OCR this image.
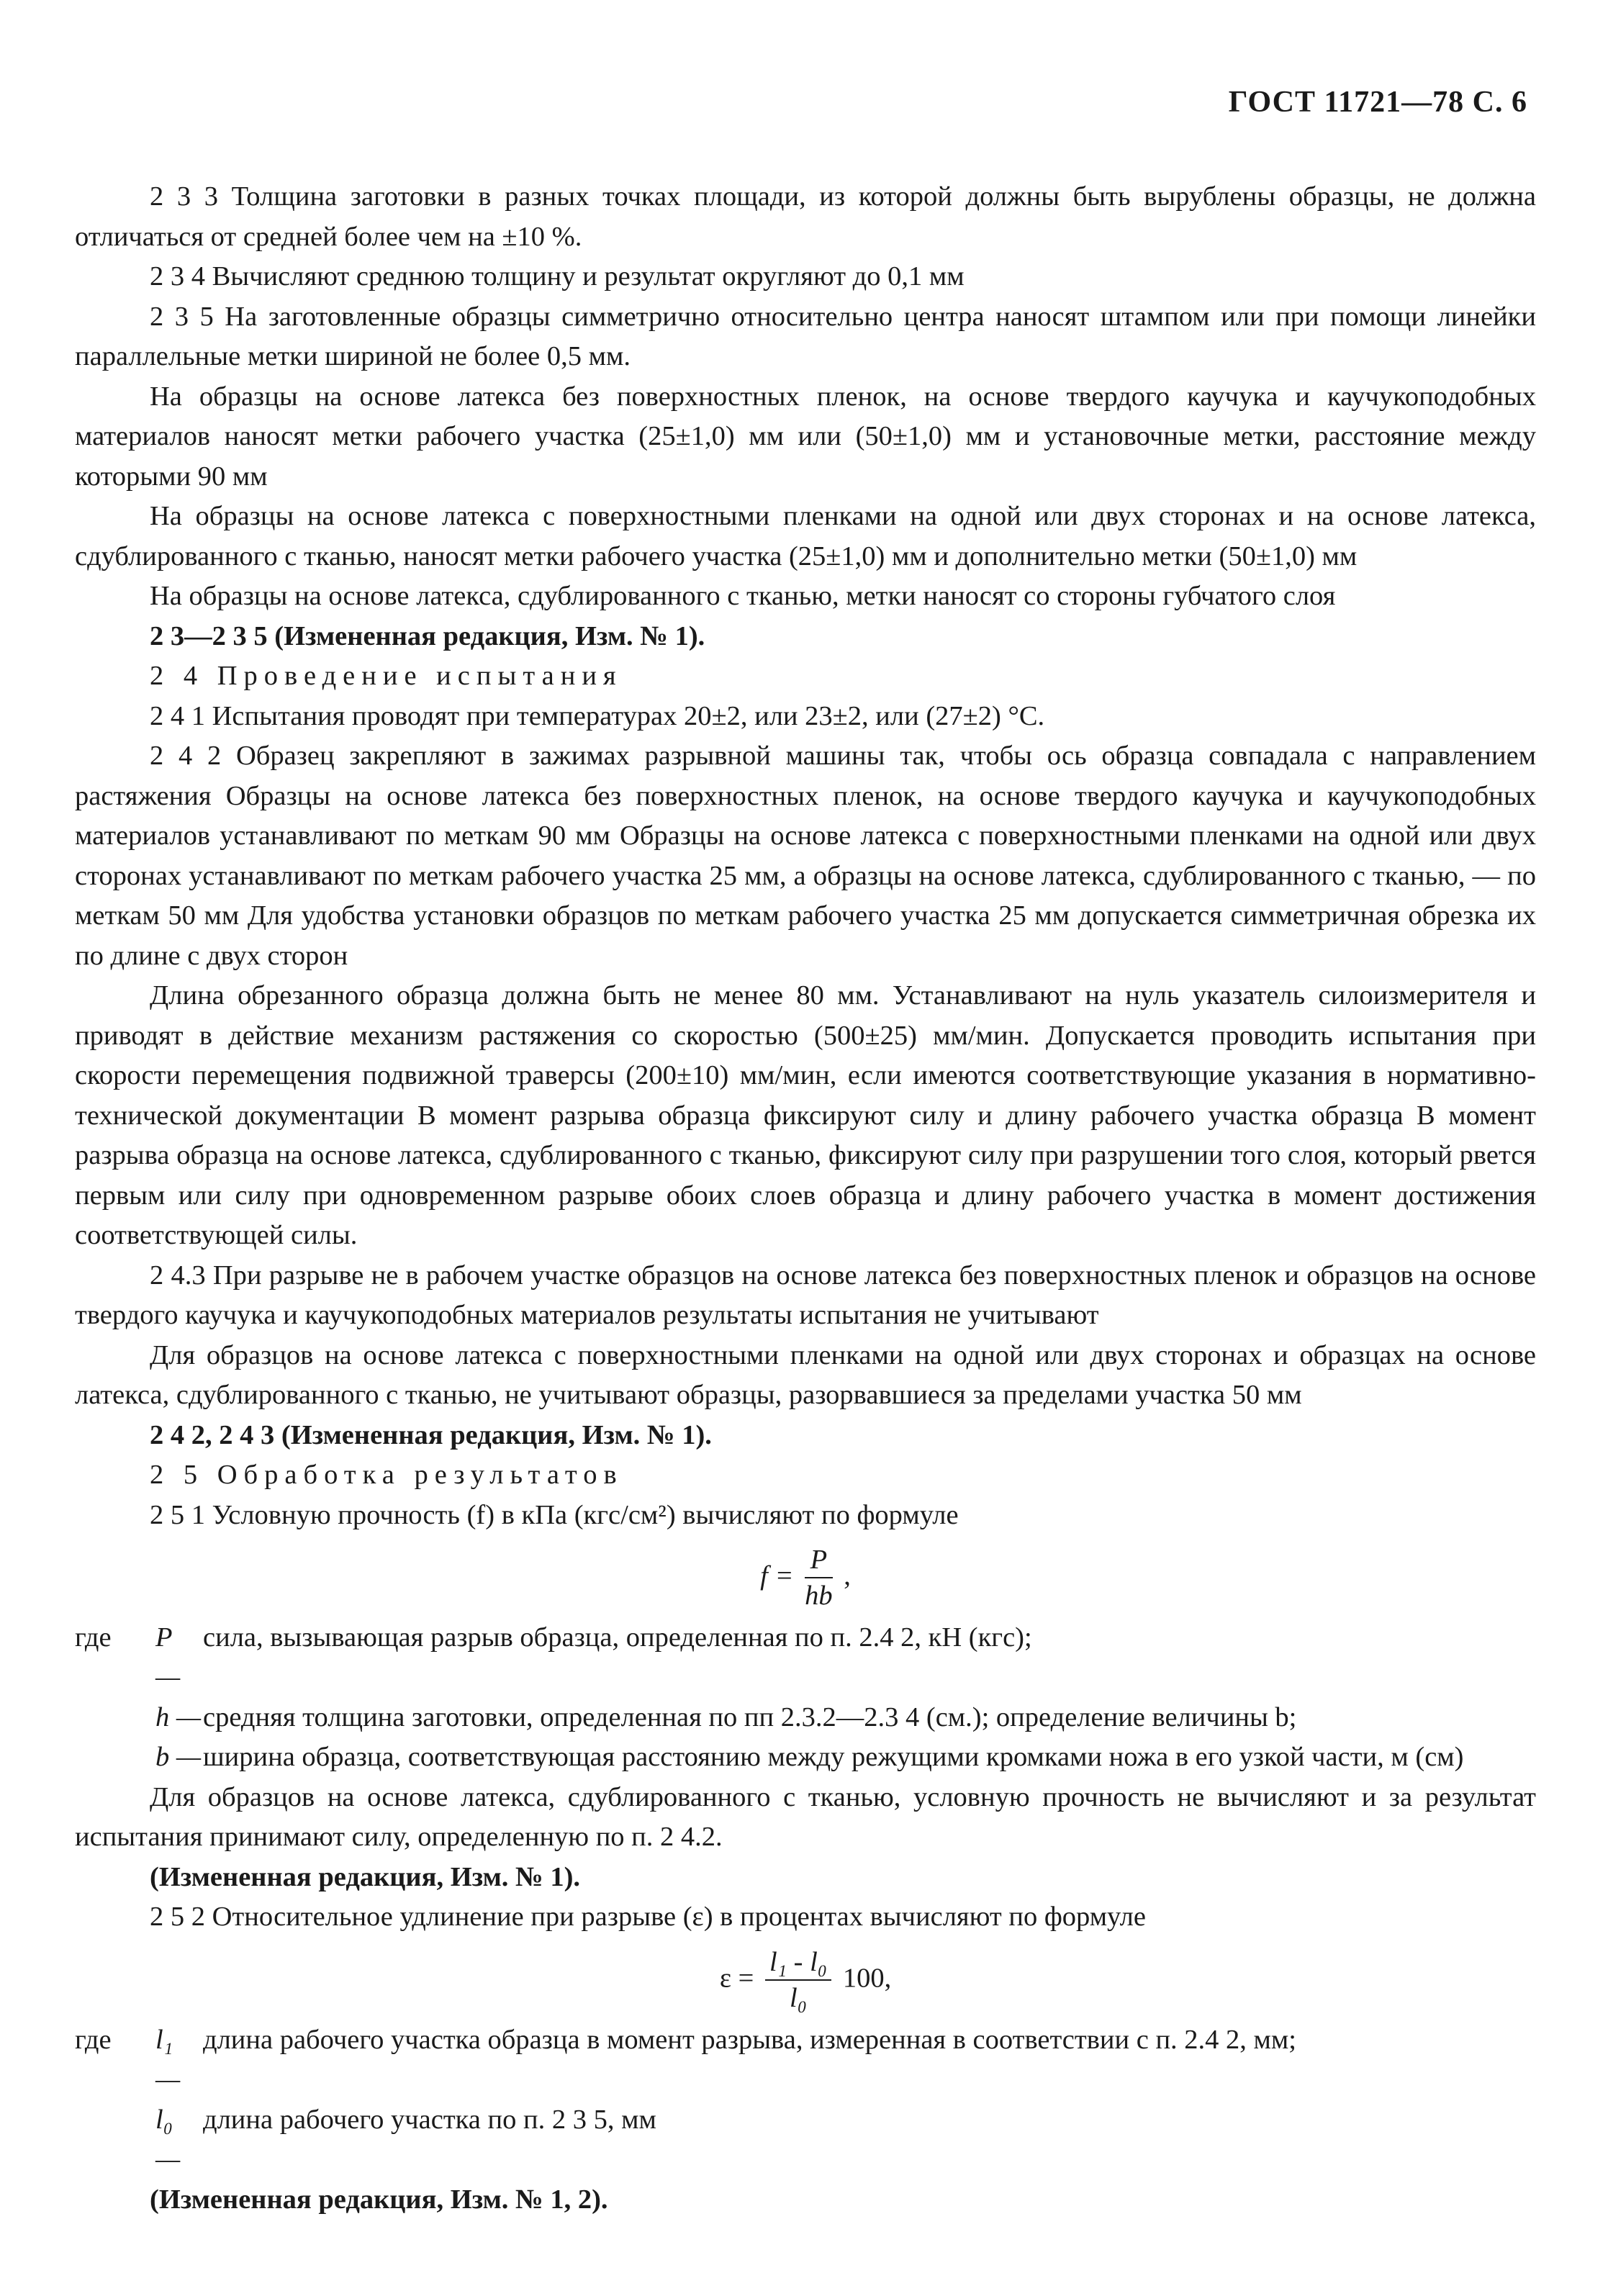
ГОСТ 11721—78 С. 6

2 3 3 Толщина заготовки в разных точках площади, из которой должны быть вырублены образцы, не должна отличаться от средней более чем на ±10 %.

2 3 4 Вычисляют среднюю толщину и результат округляют до 0,1 мм

2 3 5 На заготовленные образцы симметрично относительно центра наносят штампом или при помощи линейки параллельные метки шириной не более 0,5 мм.

На образцы на основе латекса без поверхностных пленок, на основе твердого каучука и каучукоподобных материалов наносят метки рабочего участка (25±1,0) мм или (50±1,0) мм и установочные метки, расстояние между которыми 90 мм

На образцы на основе латекса с поверхностными пленками на одной или двух сторонах и на основе латекса, сдублированного с тканью, наносят метки рабочего участка (25±1,0) мм и дополнительно метки (50±1,0) мм

На образцы на основе латекса, сдублированного с тканью, метки наносят со стороны губчатого слоя

2 3—2 3 5 (Измененная редакция, Изм. № 1).

2 4 Проведение испытания

2 4 1 Испытания проводят при температурах 20±2, или 23±2, или (27±2) °С.

2 4 2 Образец закрепляют в зажимах разрывной машины так, чтобы ось образца совпадала с направлением растяжения Образцы на основе латекса без поверхностных пленок, на основе твердого каучука и каучукоподобных материалов устанавливают по меткам 90 мм Образцы на основе латекса с поверхностными пленками на одной или двух сторонах устанавливают по меткам рабочего участка 25 мм, а образцы на основе латекса, сдублированного с тканью, — по меткам 50 мм Для удобства установки образцов по меткам рабочего участка 25 мм допускается симметричная обрезка их по длине с двух сторон

Длина обрезанного образца должна быть не менее 80 мм. Устанавливают на нуль указатель силоизмерителя и приводят в действие механизм растяжения со скоростью (500±25) мм/мин. Допускается проводить испытания при скорости перемещения подвижной траверсы (200±10) мм/мин, если имеются соответствующие указания в нормативно-технической документации В момент разрыва образца фиксируют силу и длину рабочего участка образца В момент разрыва образца на основе латекса, сдублированного с тканью, фиксируют силу при разрушении того слоя, который рвется первым или силу при одновременном разрыве обоих слоев образца и длину рабочего участка в момент достижения соответствующей силы.

2 4.3 При разрыве не в рабочем участке образцов на основе латекса без поверхностных пленок и образцов на основе твердого каучука и каучукоподобных материалов результаты испытания не учитывают

Для образцов на основе латекса с поверхностными пленками на одной или двух сторонах и образцах на основе латекса, сдублированного с тканью, не учитывают образцы, разорвавшиеся за пределами участка 50 мм

2 4 2, 2 4 3 (Измененная редакция, Изм. № 1).

2 5 Обработка результатов

2 5 1 Условную прочность (f) в кПа (кгс/см²) вычисляют по формуле

$f = \frac{P}{hb}$ ,
где	P —
сила, вызывающая разрыв образца, определенная по п. 2.4 2, кН (кгс);
h — средняя толщина заготовки, определенная по пп 2.3.2—2.3 4 (см.); определение величины b;
b — ширина образца, соответствующая расстоянию между режущими кромками ножа в его узкой части, м (см)

Для образцов на основе латекса, сдублированного с тканью, условную прочность не вычисляют и за результат испытания принимают силу, определенную по п. 2 4.2.

(Измененная редакция, Изм. № 1).

2 5 2 Относительное удлинение при разрыве (ε) в процентах вычисляют по формуле

$\varepsilon = \frac{\text{l₁ - l₀}}{\text{l₀}} 100$,
где	l₁ —
длина рабочего участка образца в момент разрыва, измеренная в соответствии с п. 2.4 2, мм;
l₀ —
длина рабочего участка по п. 2 3 5, мм

(Измененная редакция, Изм. № 1, 2).
